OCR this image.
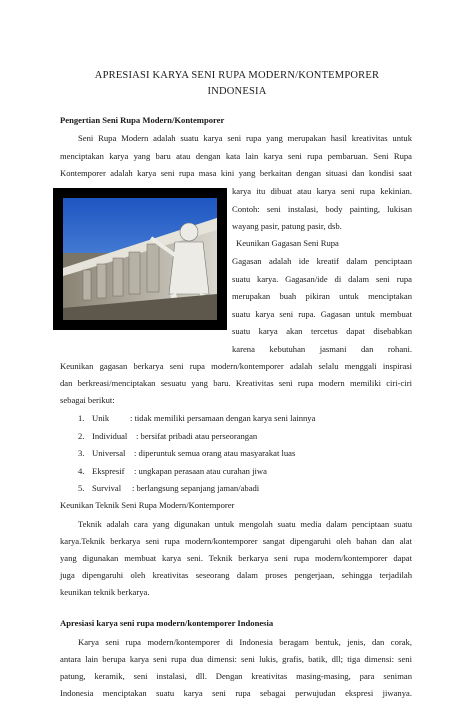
APRESIASI KARYA SENI RUPA MODERN/KONTEMPORER
INDONESIA
Pengertian Seni Rupa Modern/Kontemporer
Seni Rupa Modern adalah suatu karya seni rupa yang merupakan hasil kreativitas untuk
menciptakan karya yang baru atau dengan kata lain karya seni rupa pembaruan. Seni Rupa
Kontemporer adalah karya seni rupa masa kini yang berkaitan dengan situasi dan kondisi saat
karya itu dibuat atau karya seni rupa kekinian.
Contoh: seni instalasi, body painting, lukisan
wayang pasir, patung pasir, dsb.
Keunikan Gagasan Seni Rupa
Gagasan adalah ide kreatif dalam penciptaan
suatu karya. Gagasan/ide di dalam seni rupa
merupakan buah pikiran untuk menciptakan
suatu karya seni rupa. Gagasan untuk membuat
suatu karya akan tercetus dapat disebabkan
karena kebutuhan jasmani dan rohani.
Keunikan gagasan berkarya seni rupa modern/kontemporer adalah selalu menggali inspirasi
dan berkreasi/menciptakan sesuatu yang baru. Kreativitas seni rupa modern memiliki ciri-ciri
sebagai berikut:
1. Unik : tidak memiliki persamaan dengan karya seni lainnya
2. Individual : bersifat pribadi atau perseorangan
3. Universal : diperuntuk semua orang atau masyarakat luas
4. Ekspresif : ungkapan perasaan atau curahan jiwa
5. Survival : berlangsung sepanjang jaman/abadi
Keunikan Teknik Seni Rupa Modern/Kontemporer
Teknik adalah cara yang digunakan untuk mengolah suatu media dalam penciptaan suatu
karya.Teknik berkarya seni rupa modern/kontemporer sangat dipengaruhi oleh bahan dan alat
yang digunakan membuat karya seni. Teknik berkarya seni rupa modern/kontemporer dapat
juga dipengaruhi oleh kreativitas seseorang dalam proses pengerjaan, sehingga terjadilah
keunikan teknik berkarya.
Apresiasi karya seni rupa modern/kontemporer Indonesia
Karya seni rupa modern/kontemporer di Indonesia beragam bentuk, jenis, dan corak,
antara lain berupa karya seni rupa dua dimensi: seni lukis, grafis, batik, dll; tiga dimensi: seni
patung, keramik, seni instalasi, dll. Dengan kreativitas masing-masing, para seniman
Indonesia menciptakan suatu karya seni rupa sebagai perwujudan ekspresi jiwanya.
